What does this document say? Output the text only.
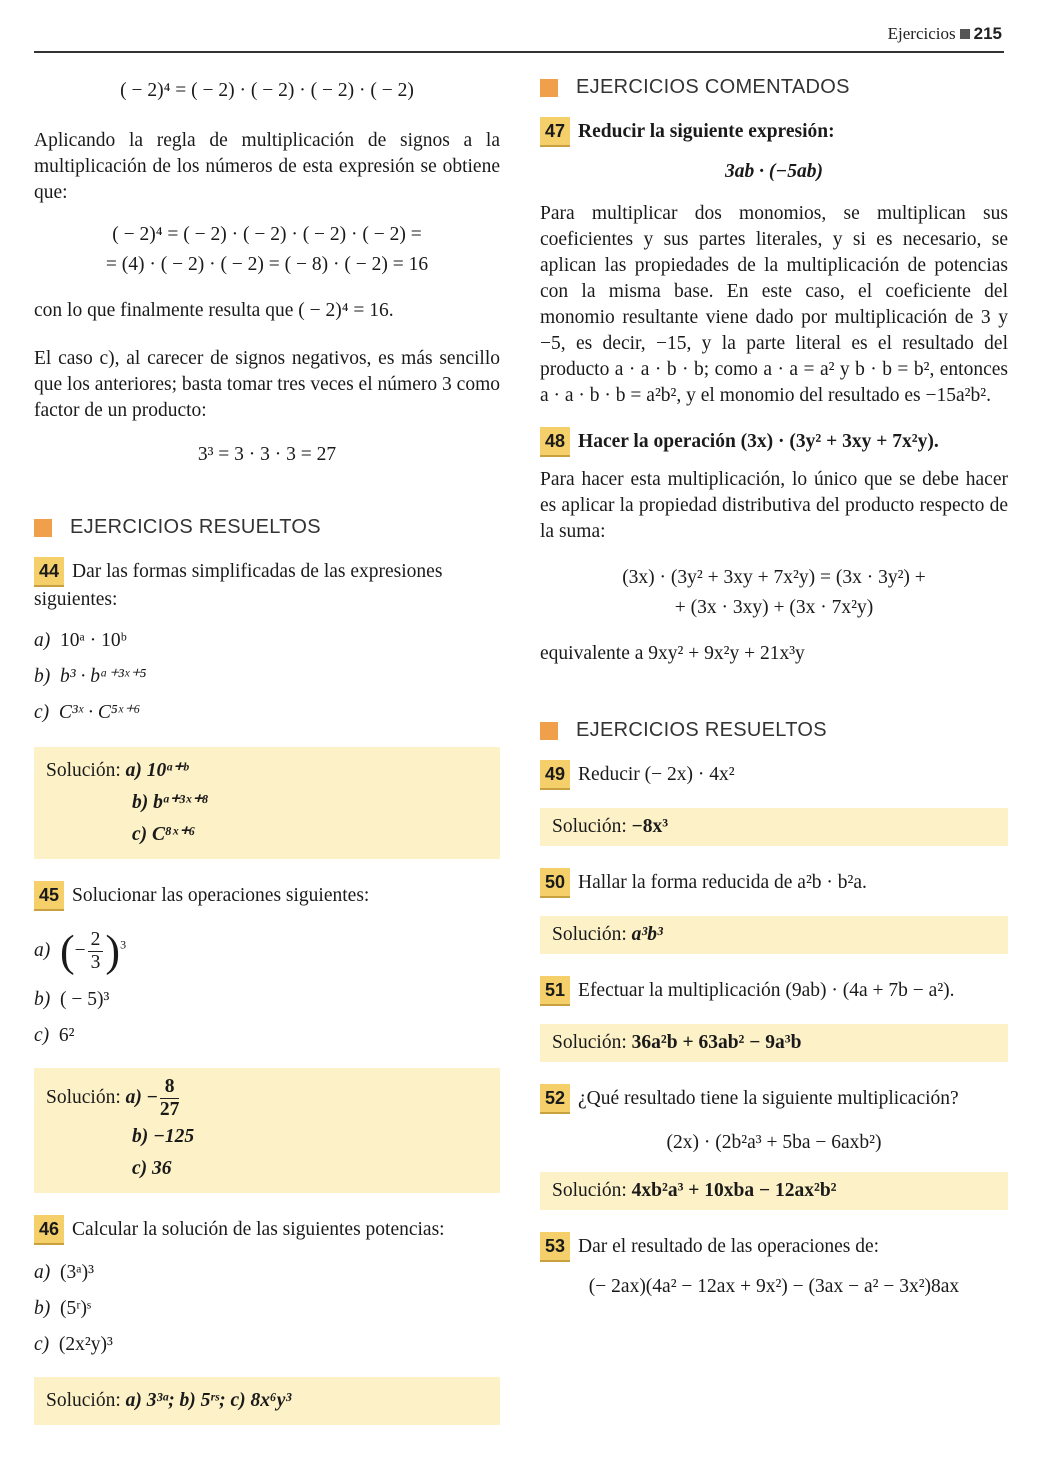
Ejercicios 215
( − 2)⁴ = ( − 2) · ( − 2) · ( − 2) · ( − 2)

Aplicando la regla de multiplicación de signos a la multiplicación de los números de esta expresión se obtiene que:

( − 2)⁴ = ( − 2) · ( − 2) · ( − 2) · ( − 2) =
= (4) · ( − 2) · ( − 2) = ( − 8) · ( − 2) = 16

con lo que finalmente resulta que ( − 2)⁴ = 16.

El caso c), al carecer de signos negativos, es más sencillo que los anteriores; basta tomar tres veces el número 3 como factor de un producto:

3³ = 3 · 3 · 3 = 27
EJERCICIOS RESUELTOS
44 Dar las formas simplificadas de las expresiones siguientes:
a) 10ᵃ · 10ᵇ
b) b³ · bᵃ⁺³ˣ⁺⁵
c) C³ˣ · C⁵ˣ⁺⁶
Solución: a) 10ᵃ⁺ᵇ
b) bᵃ⁺³ˣ⁺⁸
c) C⁸ˣ⁺⁶
45 Solucionar las operaciones siguientes:
a) (− $\frac{2}{3} )^3$
b) ( − 5)³
c) 6²
Solución: $a) - \frac{8}{27}$
b) −125
c) 36
46 Calcular la solución de las siguientes potencias:
a) (3ᵃ)³
b) (5ʳ)ˢ
c) (2x²y)³
Solución: a) 3³ᵃ; b) 5ʳˢ; c) 8x⁶y³
EJERCICIOS COMENTADOS
47 Reducir la siguiente expresión:
3ab · (−5ab)

Para multiplicar dos monomios, se multiplican sus coeficientes y sus partes literales, y si es necesario, se aplican las propiedades de la multiplicación de potencias con la misma base. En este caso, el coeficiente del monomio resultante viene dado por multiplicación de 3 y −5, es decir, −15, y la parte literal es el resultado del producto a · a · b · b; como a · a = a² y b · b = b², entonces a · a · b · b = a²b², y el monomio del resultado es −15a²b².

48 Hacer la operación (3x) · (3y² + 3xy + 7x²y).

Para hacer esta multiplicación, lo único que se debe hacer es aplicar la propiedad distributiva del producto respecto de la suma:

(3x) · (3y² + 3xy + 7x²y) = (3x · 3y²) +
+ (3x · 3xy) + (3x · 7x²y)

equivalente a 9xy² + 9x²y + 21x³y

EJERCICIOS RESUELTOS
49 Reducir (− 2x) · 4x²
Solución: −8x³
50 Hallar la forma reducida de a²b · b²a.
Solución: a³b³
51 Efectuar la multiplicación (9ab) · (4a + 7b − a²).
Solución: 36a²b + 63ab² − 9a³b
52 ¿Qué resultado tiene la siguiente multiplicación?
(2x) · (2b²a³ + 5ba − 6axb²)
Solución: 4xb²a³ + 10xba − 12ax²b²
53 Dar el resultado de las operaciones de:
(− 2ax)(4a² − 12ax + 9x²) − (3ax − a² − 3x²)8ax
